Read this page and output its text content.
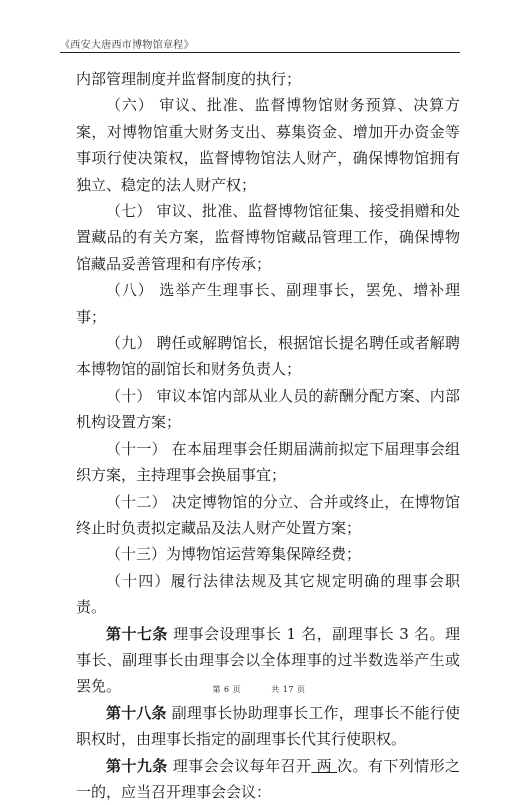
《西安大唐西市博物馆章程》

内部管理制度并监督制度的执行；

（六） 审议、批准、监督博物馆财务预算、决算方案，对博物馆重大财务支出、募集资金、增加开办资金等事项行使决策权，监督博物馆法人财产，确保博物馆拥有独立、稳定的法人财产权；

（七） 审议、批准、监督博物馆征集、接受捐赠和处置藏品的有关方案，监督博物馆藏品管理工作，确保博物馆藏品妥善管理和有序传承；

（八） 选举产生理事长、副理事长，罢免、增补理事；

（九） 聘任或解聘馆长，根据馆长提名聘任或者解聘本博物馆的副馆长和财务负责人；

（十） 审议本馆内部从业人员的薪酬分配方案、内部机构设置方案；

（十一） 在本届理事会任期届满前拟定下届理事会组织方案，主持理事会换届事宜；

（十二） 决定博物馆的分立、合并或终止，在博物馆终止时负责拟定藏品及法人财产处置方案；

（十三）为博物馆运营筹集保障经费；

（十四）履行法律法规及其它规定明确的理事会职责。

第十七条 理事会设理事长 1 名，副理事长 3 名。理事长、副理事长由理事会以全体理事的过半数选举产生或罢免。

第十八条 副理事长协助理事长工作，理事长不能行使职权时，由理事长指定的副理事长代其行使职权。

第十九条 理事会会议每年召开 两 次。有下列情形之一的，应当召开理事会会议：

第 6 页	共 17 页
